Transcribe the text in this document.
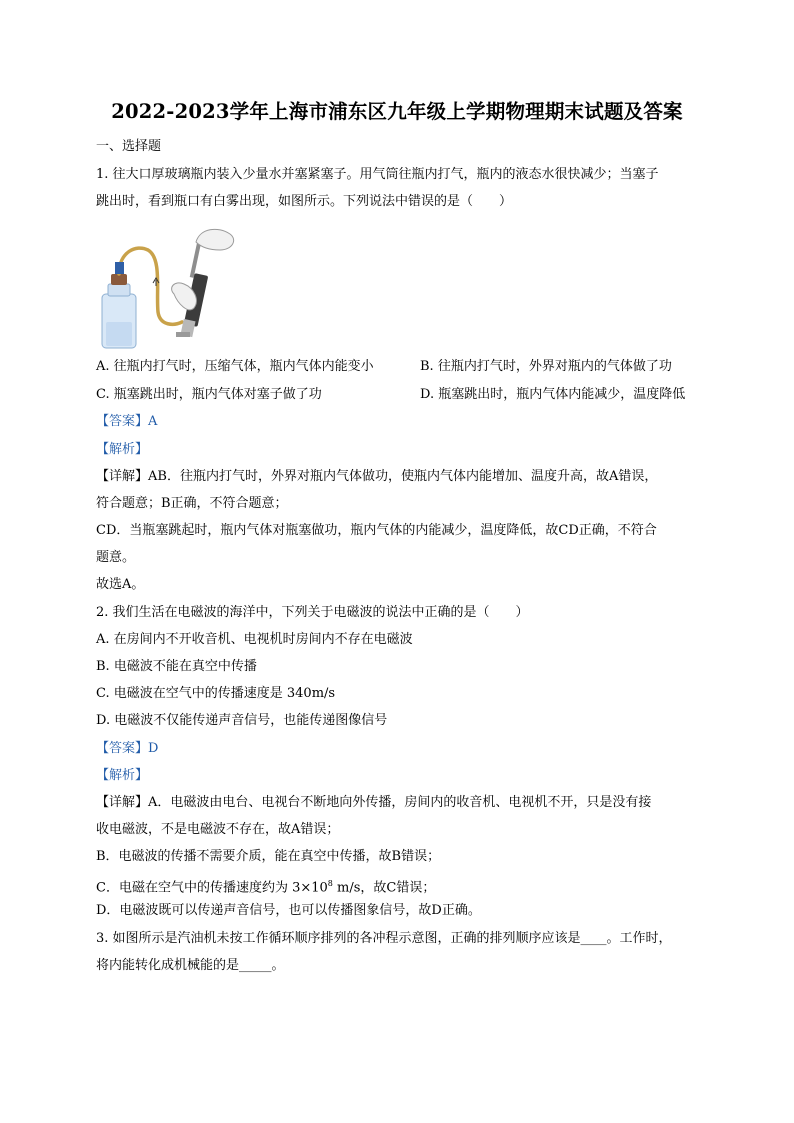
2022-2023学年上海市浦东区九年级上学期物理期末试题及答案
一、选择题
1. 往大口厚玻璃瓶内装入少量水并塞紧塞子。用气筒往瓶内打气，瓶内的液态水很快减少；当塞子
跳出时，看到瓶口有白雾出现，如图所示。下列说法中错误的是（　　）
A. 往瓶内打气时，压缩气体，瓶内气体内能变小	B. 往瓶内打气时，外界对瓶内的气体做了功
C. 瓶塞跳出时，瓶内气体对塞子做了功	D. 瓶塞跳出时，瓶内气体内能减少，温度降低
【答案】A
【解析】
【详解】AB．往瓶内打气时，外界对瓶内气体做功，使瓶内气体内能增加、温度升高，故A错误，
符合题意；B正确，不符合题意；
CD．当瓶塞跳起时，瓶内气体对瓶塞做功，瓶内气体的内能减少，温度降低，故CD正确，不符合
题意。
故选A。
2. 我们生活在电磁波的海洋中，下列关于电磁波的说法中正确的是（　　）
A. 在房间内不开收音机、电视机时房间内不存在电磁波
B. 电磁波不能在真空中传播
C. 电磁波在空气中的传播速度是 340m/s
D. 电磁波不仅能传递声音信号，也能传递图像信号
【答案】D
【解析】
【详解】A．电磁波由电台、电视台不断地向外传播，房间内的收音机、电视机不开，只是没有接
收电磁波，不是电磁波不存在，故A错误；
B．电磁波的传播不需要介质，能在真空中传播，故B错误；
C．电磁在空气中的传播速度约为 $3\times 10^8$ m/s，故C错误；
D．电磁波既可以传递声音信号，也可以传播图象信号，故D正确。
3. 如图所示是汽油机未按工作循环顺序排列的各冲程示意图，正确的排列顺序应该是____。工作时，
将内能转化成机械能的是_____。
